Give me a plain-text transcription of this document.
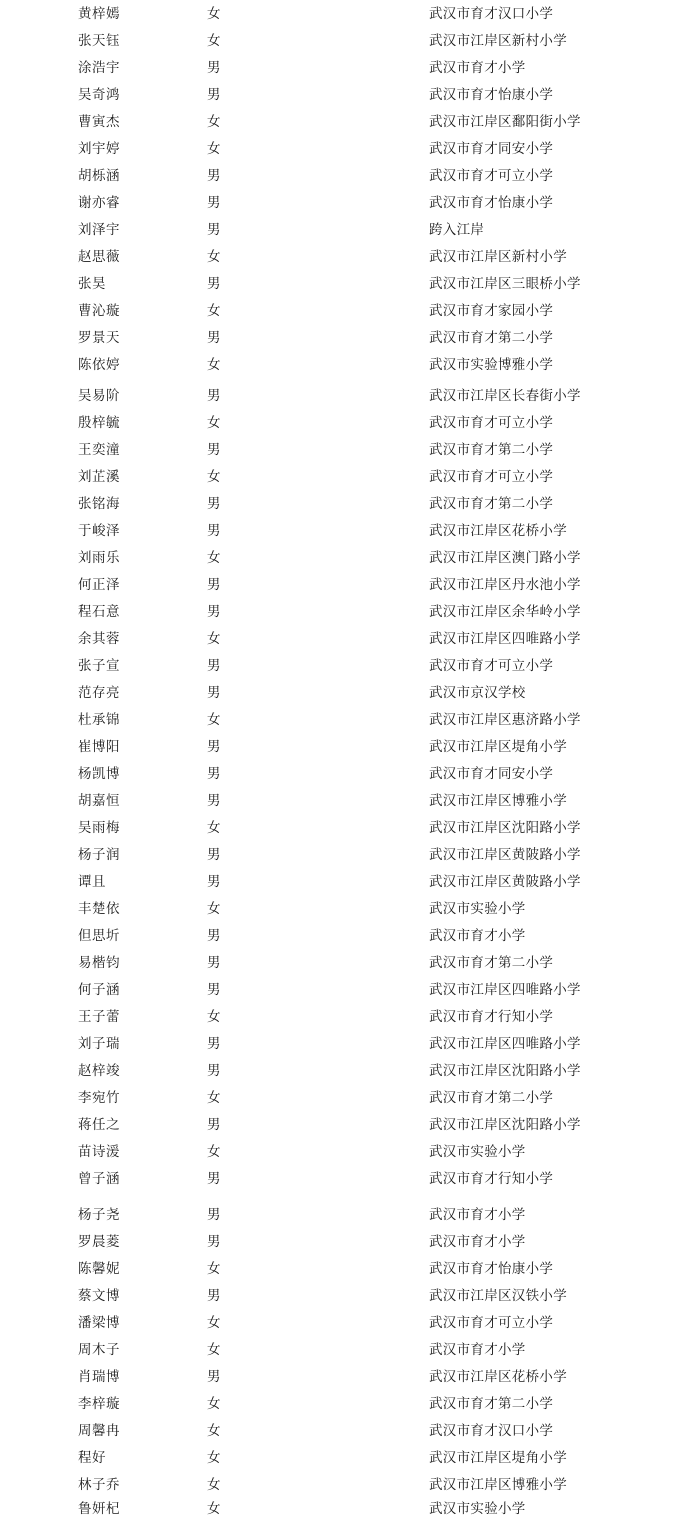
黄梓嫣	女	武汉市育才汉口小学
张天钰	女	武汉市江岸区新村小学
涂浩宇	男	武汉市育才小学
吴奇鸿	男	武汉市育才怡康小学
曹寅杰	女	武汉市江岸区鄱阳街小学
刘宇婷	女	武汉市育才同安小学
胡栎涵	男	武汉市育才可立小学
谢亦睿	男	武汉市育才怡康小学
刘泽宇	男	跨入江岸
赵思薇	女	武汉市江岸区新村小学
张昊	男	武汉市江岸区三眼桥小学
曹沁璇	女	武汉市育才家园小学
罗景天	男	武汉市育才第二小学
陈依婷	女	武汉市实验博雅小学
吴易阶	男	武汉市江岸区长春街小学
殷梓毓	女	武汉市育才可立小学
王奕潼	男	武汉市育才第二小学
刘芷溪	女	武汉市育才可立小学
张铭海	男	武汉市育才第二小学
于峻泽	男	武汉市江岸区花桥小学
刘雨乐	女	武汉市江岸区澳门路小学
何正泽	男	武汉市江岸区丹水池小学
程石意	男	武汉市江岸区余华岭小学
余其蓉	女	武汉市江岸区四唯路小学
张子宣	男	武汉市育才可立小学
范存亮	男	武汉市京汉学校
杜承锦	女	武汉市江岸区惠济路小学
崔博阳	男	武汉市江岸区堤角小学
杨凯博	男	武汉市育才同安小学
胡嘉恒	男	武汉市江岸区博雅小学
吴雨梅	女	武汉市江岸区沈阳路小学
杨子润	男	武汉市江岸区黄陂路小学
谭且	男	武汉市江岸区黄陂路小学
丰楚依	女	武汉市实验小学
但思圻	男	武汉市育才小学
易楷钧	男	武汉市育才第二小学
何子涵	男	武汉市江岸区四唯路小学
王子蕾	女	武汉市育才行知小学
刘子瑞	男	武汉市江岸区四唯路小学
赵梓竣	男	武汉市江岸区沈阳路小学
李宛竹	女	武汉市育才第二小学
蒋任之	男	武汉市江岸区沈阳路小学
苗诗湲	女	武汉市实验小学
曾子涵	男	武汉市育才行知小学
杨子尧	男	武汉市育才小学
罗晨菱	男	武汉市育才小学
陈馨妮	女	武汉市育才怡康小学
蔡文博	男	武汉市江岸区汉铁小学
潘梁博	女	武汉市育才可立小学
周木子	女	武汉市育才小学
肖瑞博	男	武汉市江岸区花桥小学
李梓璇	女	武汉市育才第二小学
周馨冉	女	武汉市育才汉口小学
程好	女	武汉市江岸区堤角小学
林子乔	女	武汉市江岸区博雅小学
鲁妍杞	女	武汉市实验小学
